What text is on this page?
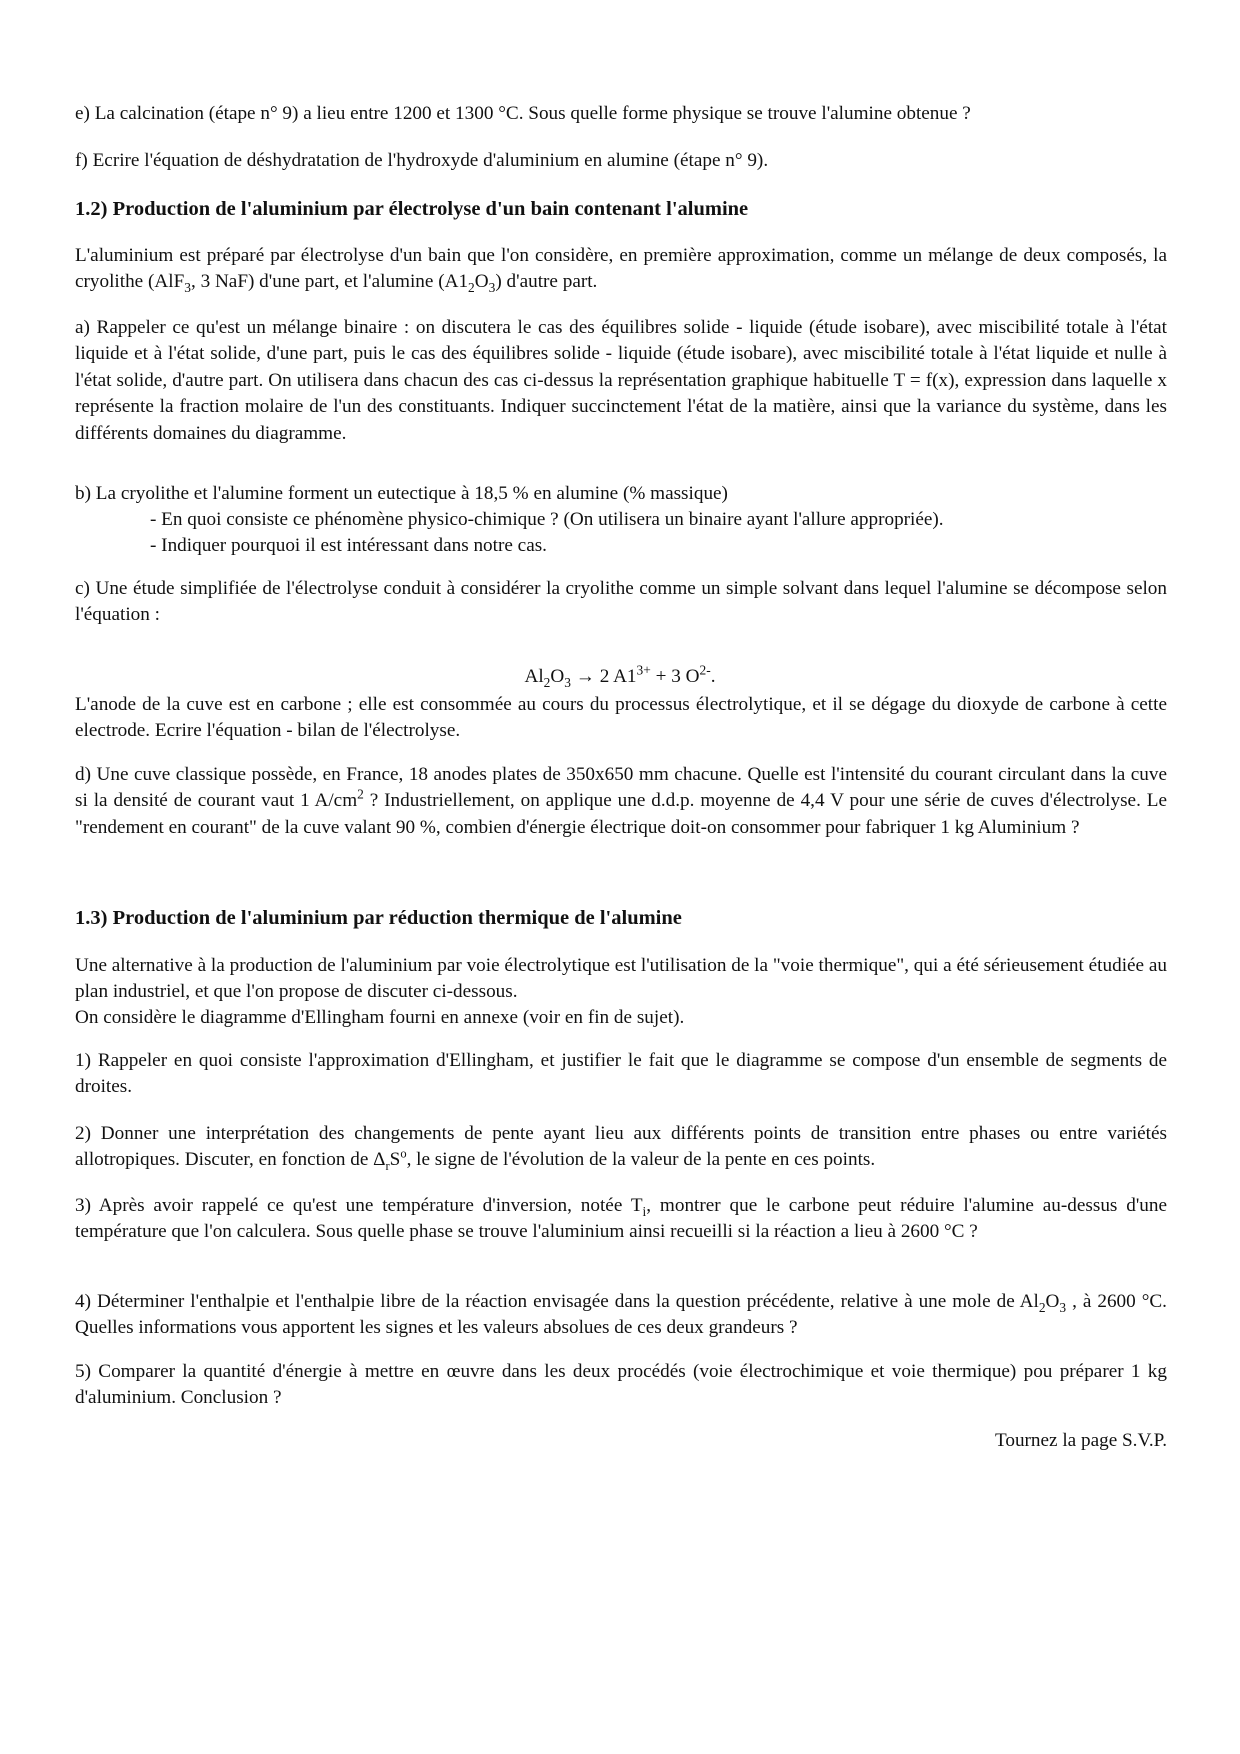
e) La calcination (étape n° 9) a lieu entre 1200 et 1300 °C. Sous quelle forme physique se trouve l'alumine obtenue ?

f) Ecrire l'équation de déshydratation de l'hydroxyde d'aluminium en alumine (étape n° 9).

1.2) Production de l'aluminium par électrolyse d'un bain contenant l'alumine

L'aluminium est préparé par électrolyse d'un bain que l'on considère, en première approximation, comme un mélange de deux composés, la cryolithe (AlF$_3$, 3 NaF) d'une part, et l'alumine $(A1_2O_3)$ d'autre part.

a) Rappeler ce qu'est un mélange binaire : on discutera le cas des équilibres solide - liquide (étude isobare), avec miscibilité totale à l'état liquide et à l'état solide, d'une part, puis le cas des équilibres solide - liquide (étude isobare), avec miscibilité totale à l'état liquide et nulle à l'état solide, d'autre part. On utilisera dans chacun des cas ci-dessus la représentation graphique habituelle T = f(x), expression dans laquelle x représente la fraction molaire de l'un des constituants. Indiquer succinctement l'état de la matière, ainsi que la variance du système, dans les différents domaines du diagramme.

b) La cryolithe et l'alumine forment un eutectique à 18,5 % en alumine (% massique)

- En quoi consiste ce phénomène physico-chimique ? (On utilisera un binaire ayant l'allure appropriée).

- Indiquer pourquoi il est intéressant dans notre cas.

c) Une étude simplifiée de l'électrolyse conduit à considérer la cryolithe comme un simple solvant dans lequel l'alumine se décompose selon l'équation :

$Al_2O_3 \to 2$ $A1^{3+} + 3$ $O^{2-}$.

L'anode de la cuve est en carbone ; elle est consommée au cours du processus électrolytique, et il se dégage du dioxyde de carbone à cette electrode. Ecrire l'équation - bilan de l'électrolyse.

d) Une cuve classique possède, en France, 18 anodes plates de 350x650 mm chacune. Quelle est l'intensité du courant circulant dans la cuve si la densité de courant vaut 1 $A/cm^2$ ? Industriellement, on applique une d.d.p. moyenne de 4,4 V pour une série de cuves d'électrolyse. Le "rendement en courant" de la cuve valant 90 %, combien d'énergie électrique doit-on consommer pour fabriquer 1 kg Aluminium ?

1.3) Production de l'aluminium par réduction thermique de l'alumine

Une alternative à la production de l'aluminium par voie électrolytique est l'utilisation de la "voie thermique", qui a été sérieusement étudiée au plan industriel, et que l'on propose de discuter ci-dessous.

On considère le diagramme d'Ellingham fourni en annexe (voir en fin de sujet).

1) Rappeler en quoi consiste l'approximation d'Ellingham, et justifier le fait que le diagramme se compose d'un ensemble de segments de droites.

2) Donner une interprétation des changements de pente ayant lieu aux différents points de transition entre phases ou entre variétés allotropiques. Discuter, en fonction de $\Delta_rS^o$, le signe de l'évolution de la valeur de la pente en ces points.

3) Après avoir rappelé ce qu'est une température d'inversion, notée $T_i$, montrer que le carbone peut réduire l'alumine au-dessus d'une température que l'on calculera. Sous quelle phase se trouve l'aluminium ainsi recueilli si la réaction a lieu à 2600 °C ?

4) Déterminer l'enthalpie et l'enthalpie libre de la réaction envisagée dans la question précédente, relative à une mole de $Al_2O_3$ , à 2600 °C. Quelles informations vous apportent les signes et les valeurs absolues de ces deux grandeurs ?

5) Comparer la quantité d'énergie à mettre en œuvre dans les deux procédés (voie électrochimique et voie thermique) pou préparer 1 kg d'aluminium. Conclusion ?

Tournez la page S.V.P.
